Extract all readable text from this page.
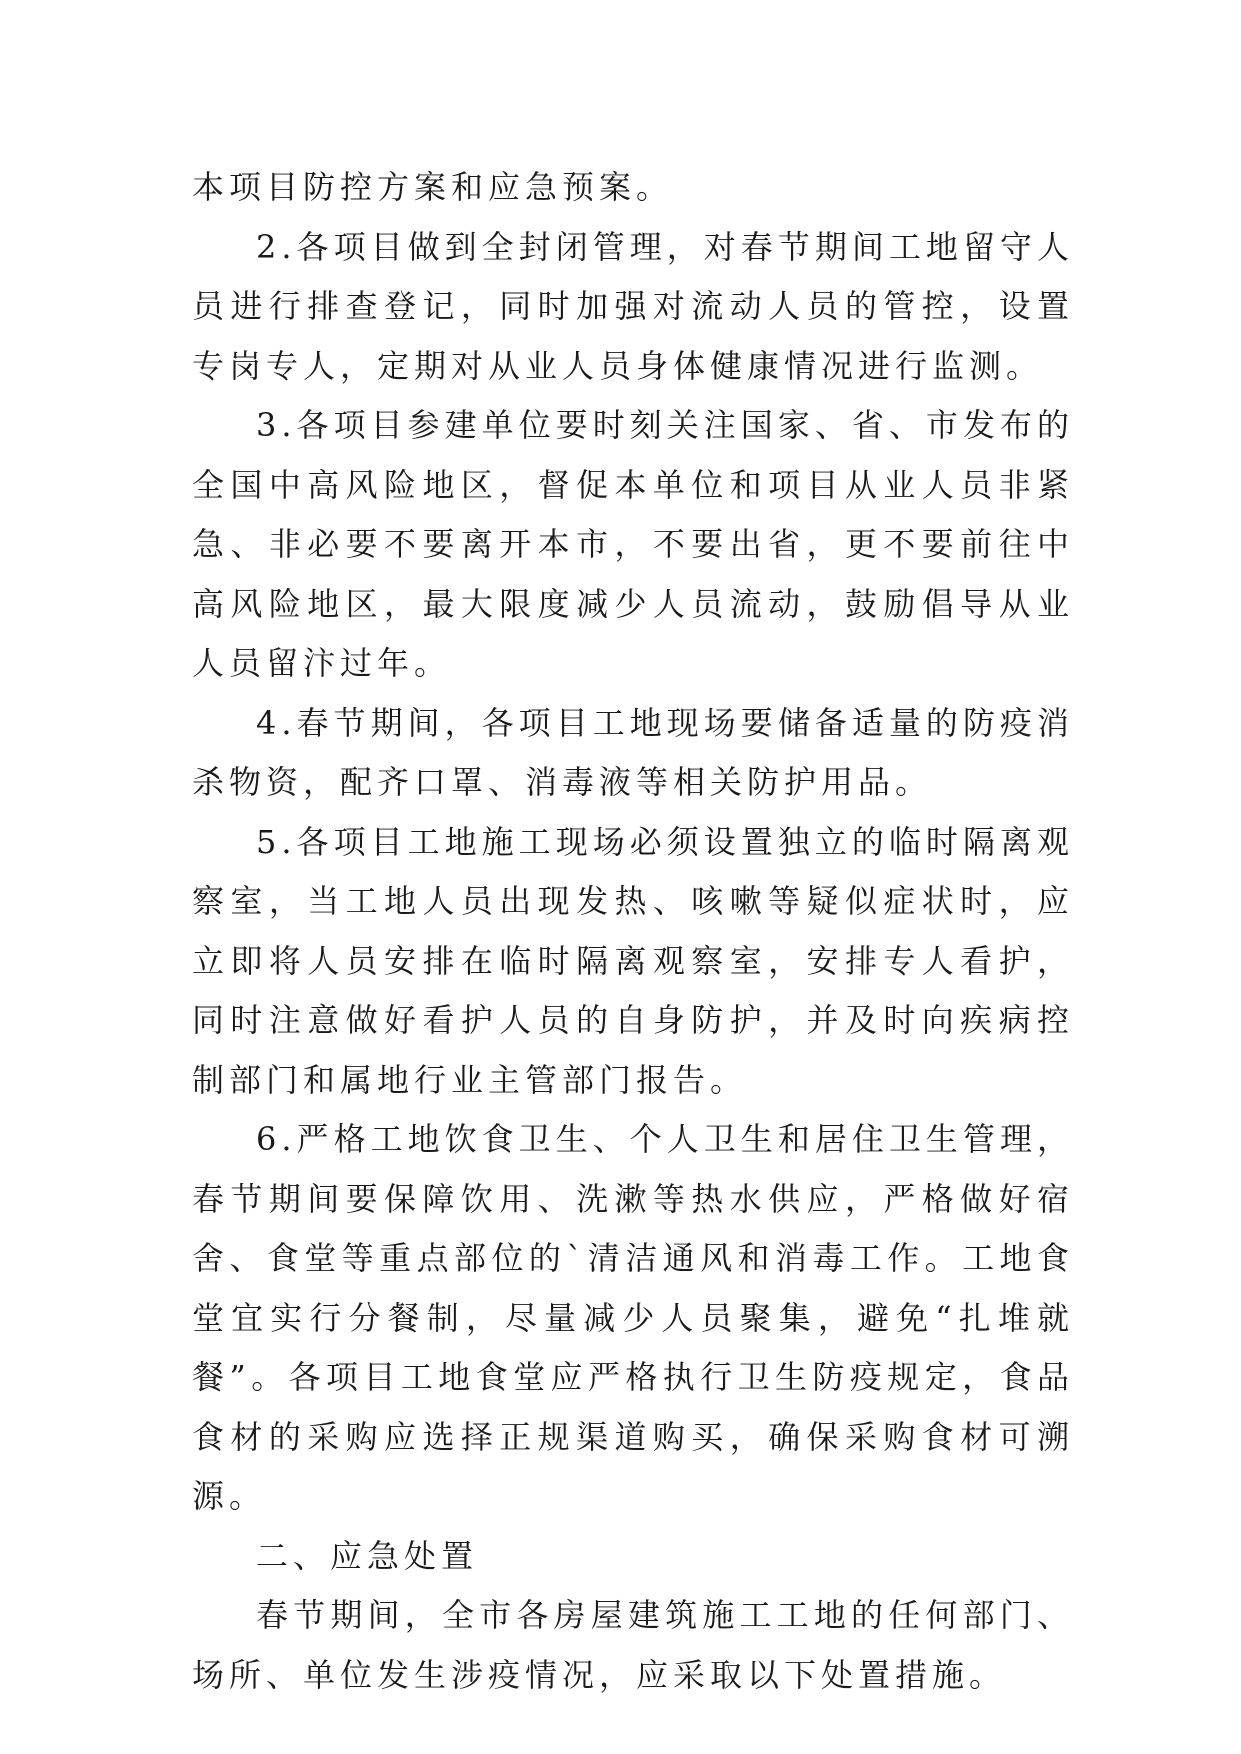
本项目防控方案和应急预案。

2.各项目做到全封闭管理，对春节期间工地留守人员进行排查登记，同时加强对流动人员的管控，设置专岗专人，定期对从业人员身体健康情况进行监测。

3.各项目参建单位要时刻关注国家、省、市发布的全国中高风险地区，督促本单位和项目从业人员非紧急、非必要不要离开本市，不要出省，更不要前往中高风险地区，最大限度减少人员流动，鼓励倡导从业人员留汴过年。

4.春节期间，各项目工地现场要储备适量的防疫消杀物资，配齐口罩、消毒液等相关防护用品。

5.各项目工地施工现场必须设置独立的临时隔离观察室，当工地人员出现发热、咳嗽等疑似症状时，应立即将人员安排在临时隔离观察室，安排专人看护，同时注意做好看护人员的自身防护，并及时向疾病控制部门和属地行业主管部门报告。

6.严格工地饮食卫生、个人卫生和居住卫生管理，春节期间要保障饮用、洗漱等热水供应，严格做好宿舍、食堂等重点部位的`清洁通风和消毒工作。工地食堂宜实行分餐制，尽量减少人员聚集，避免“扎堆就餐”。各项目工地食堂应严格执行卫生防疫规定，食品食材的采购应选择正规渠道购买，确保采购食材可溯源。

二、应急处置

春节期间，全市各房屋建筑施工工地的任何部门、场所、单位发生涉疫情况，应采取以下处置措施。
